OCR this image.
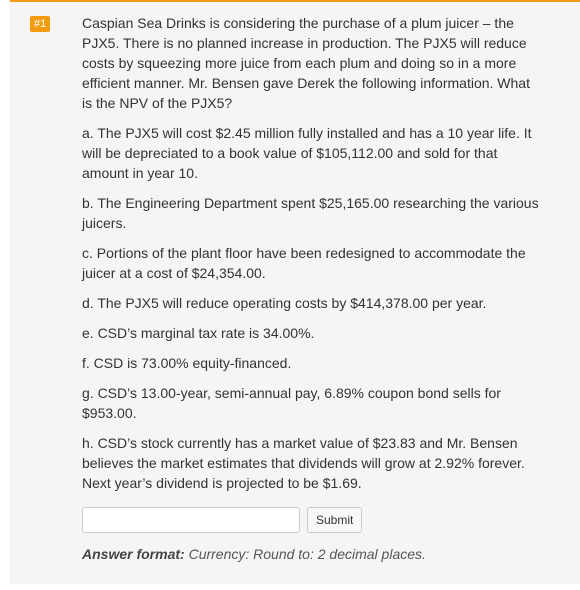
#1	Caspian Sea Drinks is considering the purchase of a plum juicer – the PJX5. There is no planned increase in production. The PJX5 will reduce costs by squeezing more juice from each plum and doing so in a more efficient manner. Mr. Bensen gave Derek the following information. What is the NPV of the PJX5?

a. The PJX5 will cost $2.45 million fully installed and has a 10 year life. It will be depreciated to a book value of $105,112.00 and sold for that amount in year 10.

b. The Engineering Department spent $25,165.00 researching the various juicers.

c. Portions of the plant floor have been redesigned to accommodate the juicer at a cost of $24,354.00.

d. The PJX5 will reduce operating costs by $414,378.00 per year.

e. CSD’s marginal tax rate is 34.00%.

f. CSD is 73.00% equity-financed.

g. CSD’s 13.00-year, semi-annual pay, 6.89% coupon bond sells for $953.00.

h. CSD’s stock currently has a market value of $23.83 and Mr. Bensen believes the market estimates that dividends will grow at 2.92% forever. Next year’s dividend is projected to be $1.69.

Submit
Answer format: Currency: Round to: 2 decimal places.
